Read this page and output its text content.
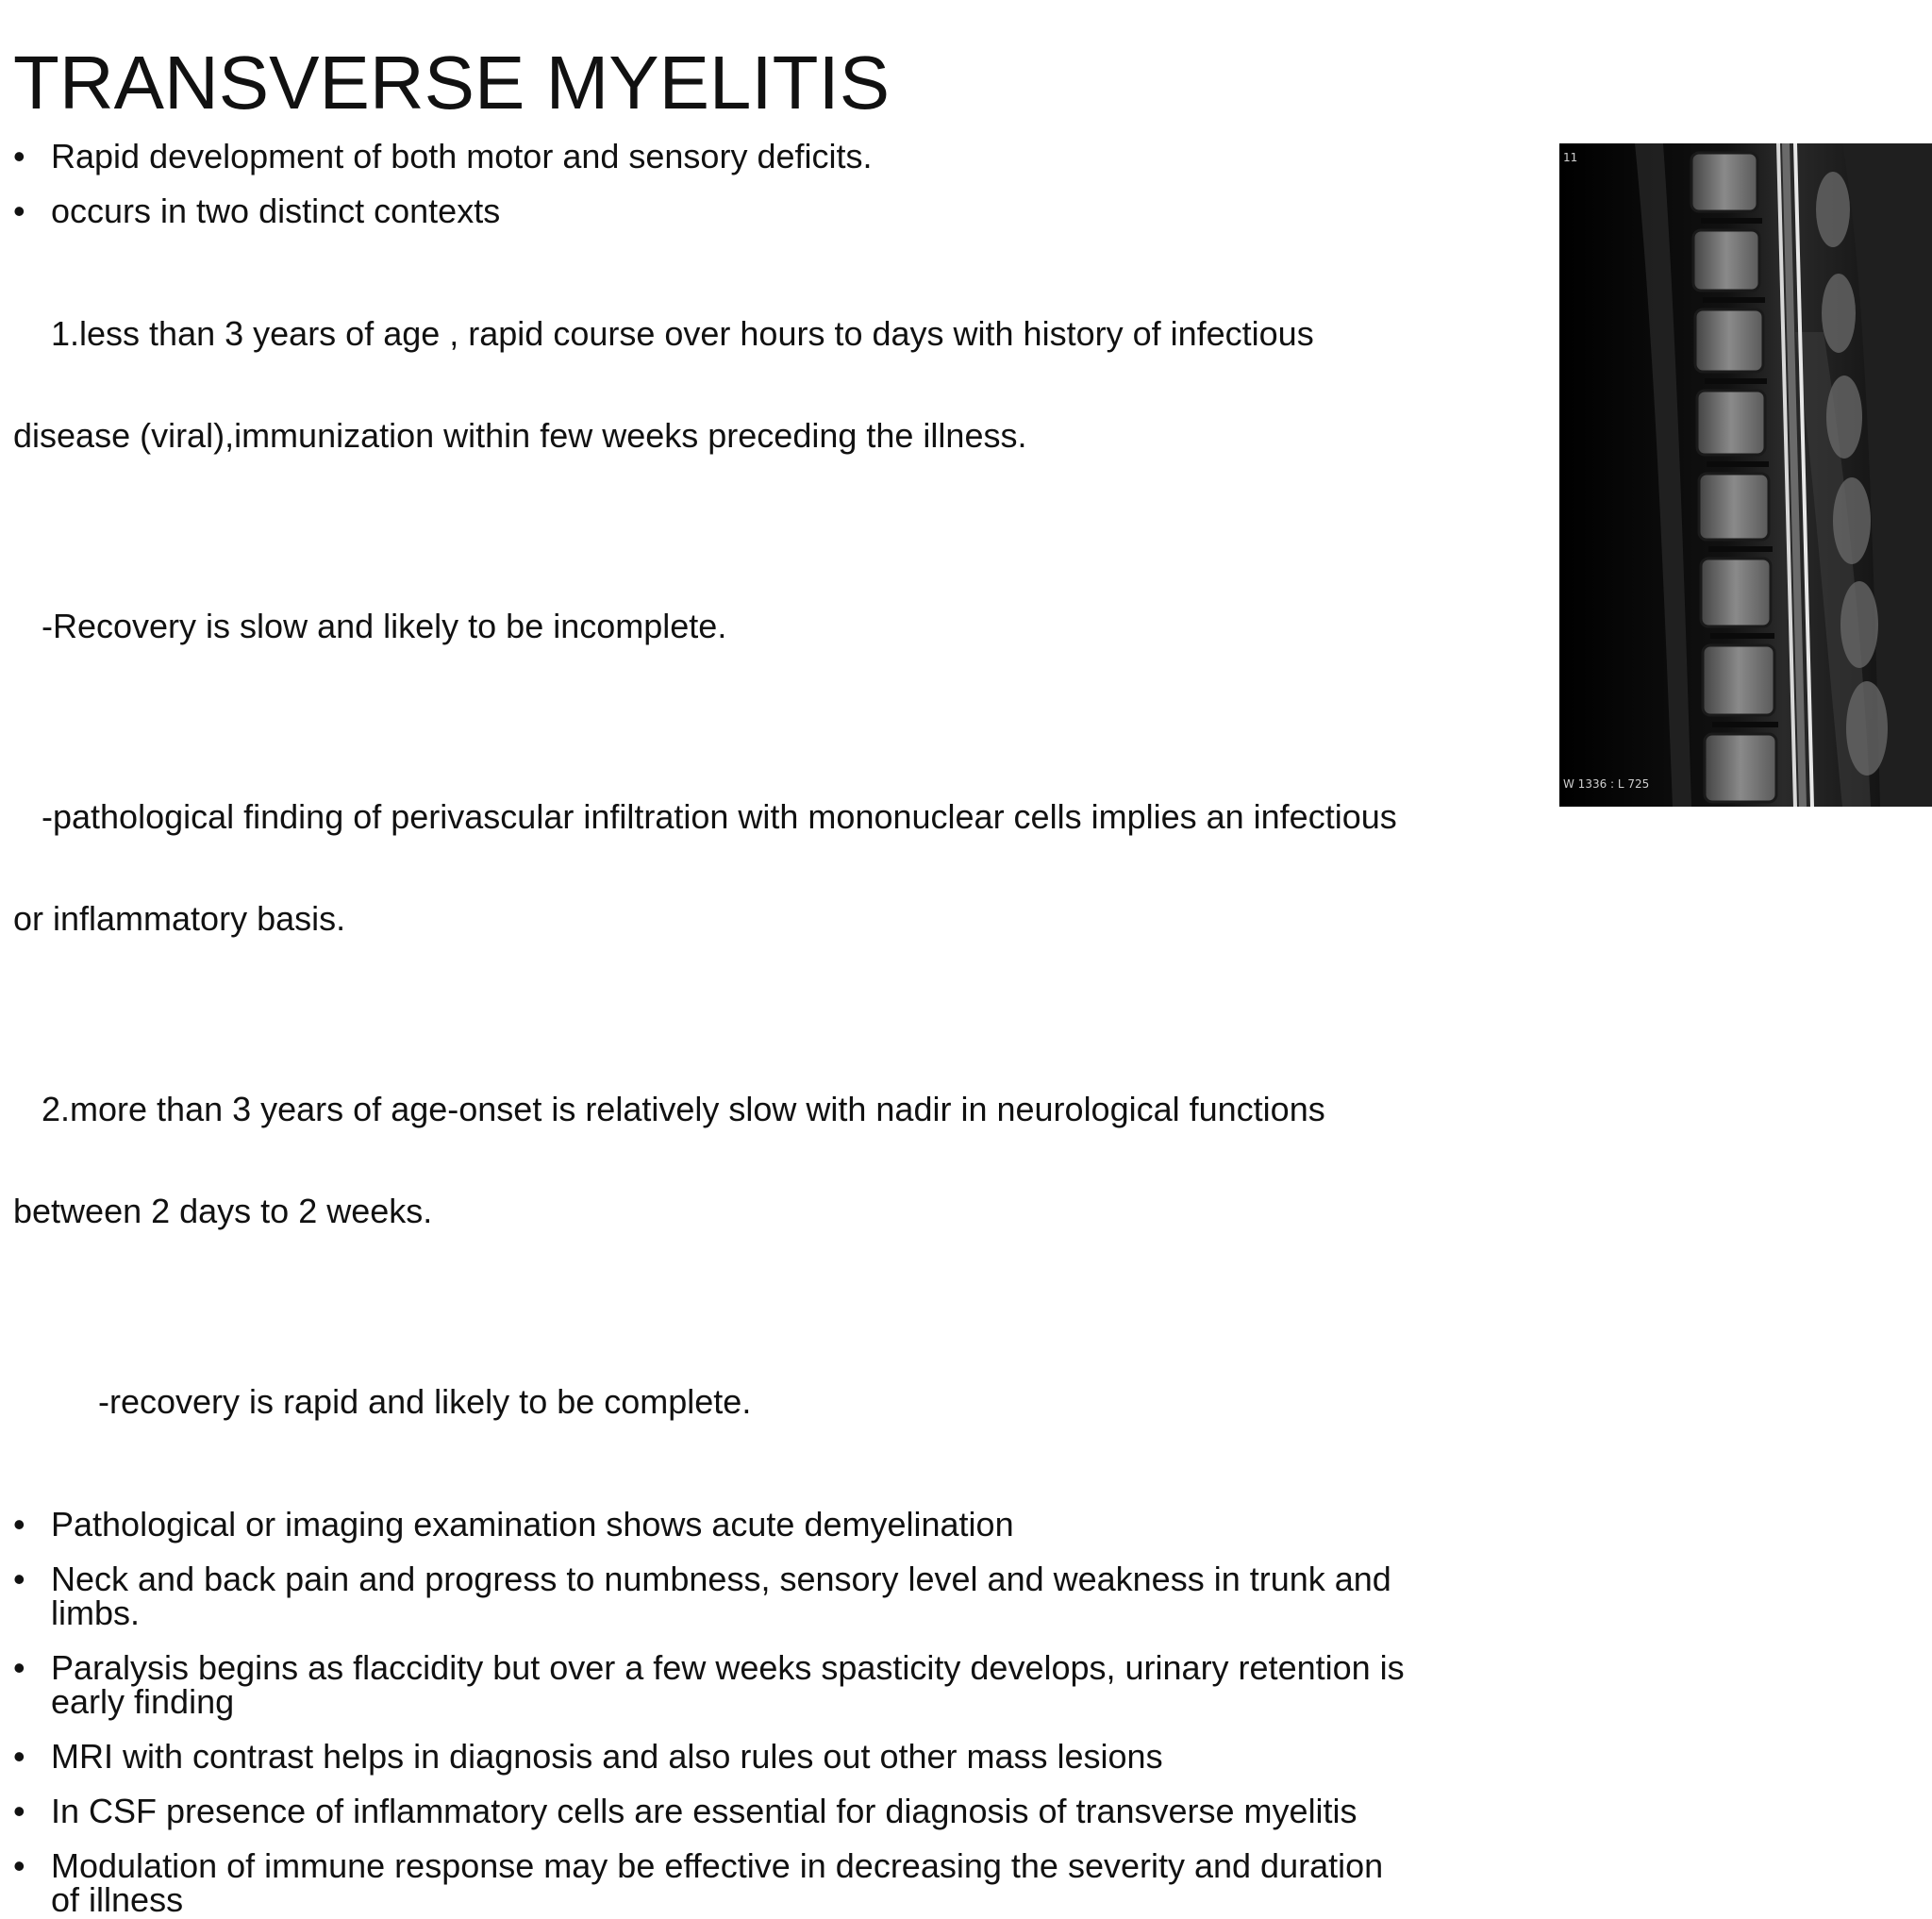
TRANSVERSE MYELITIS
• Rapid development of both motor and sensory deficits.
• occurs in two distinct contexts

1.less than 3 years of age , rapid course over hours to days with history of infectious

disease (viral),immunization within few weeks preceding the illness.

-Recovery is slow and likely to be incomplete.

-pathological finding of perivascular infiltration with mononuclear cells implies an infectious

or inflammatory basis.

2.more than 3 years of age-onset is relatively slow with nadir in neurological functions

between 2 days to 2 weeks.

-recovery is rapid and likely to be complete.

• Pathological or imaging examination shows acute demyelination
• Neck and back pain and progress to numbness, sensory level and weakness in trunk and
limbs.
• Paralysis begins as flaccidity but over a few weeks spasticity develops, urinary retention is
early finding
• MRI with contrast helps in diagnosis and also rules out other mass lesions
• In CSF presence of inflammatory cells are essential for diagnosis of transverse myelitis
• Modulation of immune response may be effective in decreasing the severity and duration
of illness
11
W 1336 : L 725
